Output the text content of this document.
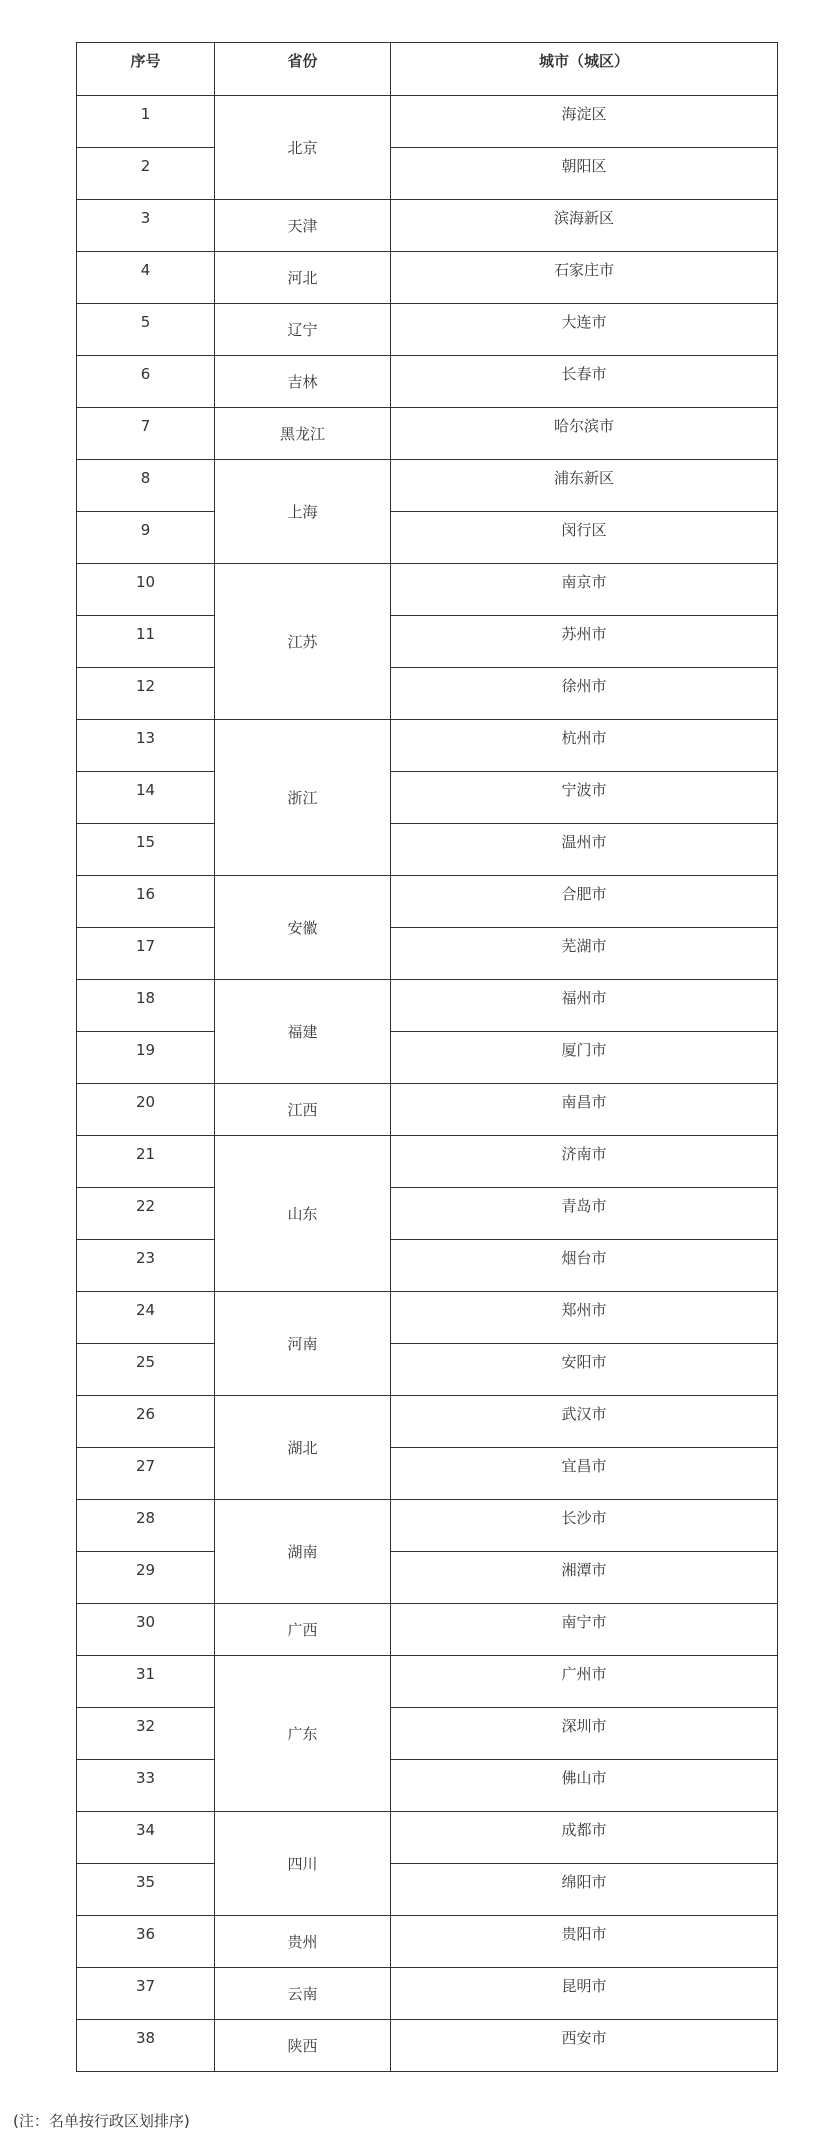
序号	省份	城市（城区）
1	北京	海淀区
2		朝阳区
3	天津	滨海新区
4	河北	石家庄市
5	辽宁	大连市
6	吉林	长春市
7	黑龙江	哈尔滨市
8	上海	浦东新区
9		闵行区
10	江苏	南京市
11		苏州市
12		徐州市
13	浙江	杭州市
14		宁波市
15		温州市
16	安徽	合肥市
17		芜湖市
18	福建	福州市
19		厦门市
20	江西	南昌市
21	山东	济南市
22		青岛市
23		烟台市
24	河南	郑州市
25		安阳市
26	湖北	武汉市
27		宜昌市
28	湖南	长沙市
29		湘潭市
30	广西	南宁市
31	广东	广州市
32		深圳市
33		佛山市
34	四川	成都市
35		绵阳市
36	贵州	贵阳市
37	云南	昆明市
38	陕西	西安市

(注：名单按行政区划排序)
